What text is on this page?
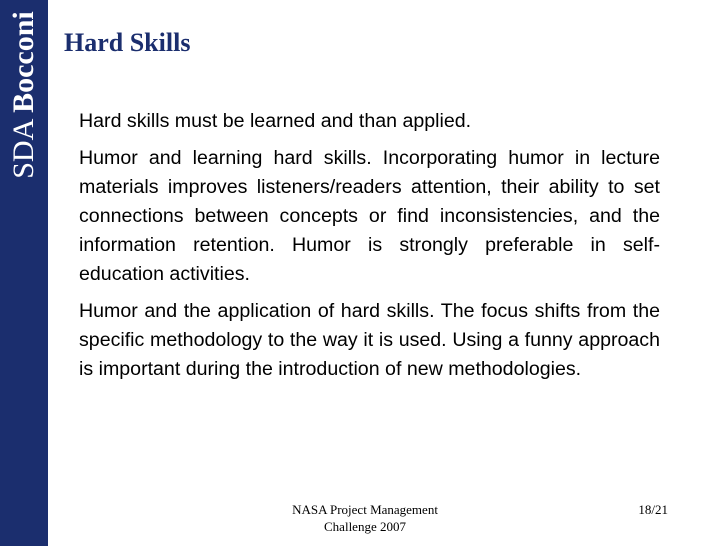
SDA Bocconi Hard Skills

Hard skills must be learned and than applied.

Humor and learning hard skills. Incorporating humor in lecture materials improves listeners/readers attention, their ability to set connections between concepts or find inconsistencies, and the information retention. Humor is strongly preferable in self-education activities.

Humor and the application of hard skills. The focus shifts from the specific methodology to the way it is used. Using a funny approach is important during the introduction of new methodologies.

NASA Project Management
Challenge 2007
18/21
